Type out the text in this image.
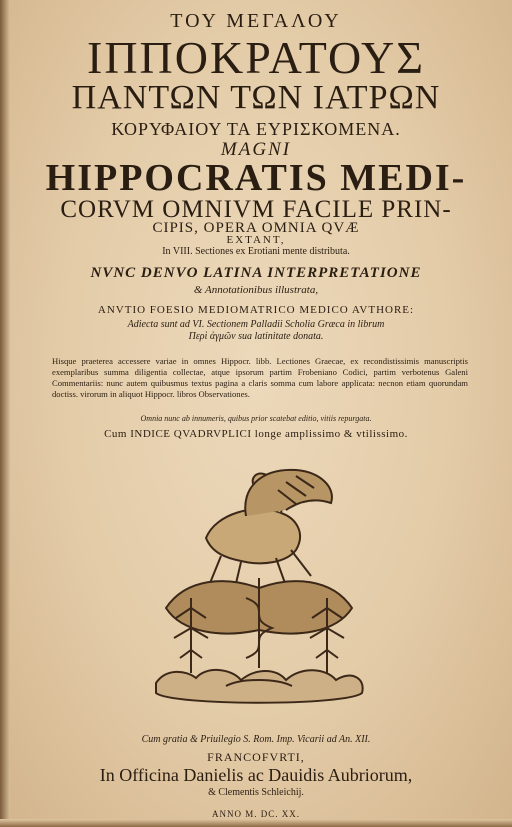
ΤΟΥ ΜΕΓΑΛΟΥ
ΙΠΠΟΚΡΑΤΟΥΣ
ΠΑΝΤΩΝ ΤΩΝ ΙΑΤΡΩΝ
ΚΟΡΥΦΑΙΟΥ ΤΑ ΕΥΡΙΣΚΟΜΕΝΑ.
MAGNI
HIPPOCRATIS MEDI-
CORVM OMNIVM FACILE PRIN-
CIPIS, OPERA OMNIA QVÆ
EXTANT,
In VIII. Sectiones ex Erotiani mente distributa.
NVNC DENVO LATINA INTERPRETATIONE
& Annotationibus illustrata,
ANVTIO FOESIO MEDIOMATRICO MEDICO AVTHORE:
Adiecta sunt ad VI. Sectionem Palladii Scholia Græca in librum
Περὶ ἀγμῶν sua latinitate donata.
Hisque praeterea accessere variae in omnes Hippocr. libb. Lectiones Graecae, ex recondistissimis manuscriptis exemplaribus summa diligentia collectae, atque ipsorum partim Frobeniano Codici, partim verbotenus Galeni Commentariis: nunc autem quibusmus textus pagina a claris somma cum labore applicata: necnon etiam quorundam doctiss. virorum in aliquot Hippocr. libros Observationes.
Omnia nunc ab innumeris, quibus prior scatebat editio, vitiis repurgata.
Cum INDICE QVADRVPLICI longe amplissimo & vtilissimo.
Cum gratia & Priuilegio S. Rom. Imp. Vicarii ad An. XII.
FRANCOFVRTI,
In Officina Danielis ac Dauidis Aubriorum,
& Clementis Schleichij.
ANNO M. DC. XX.
